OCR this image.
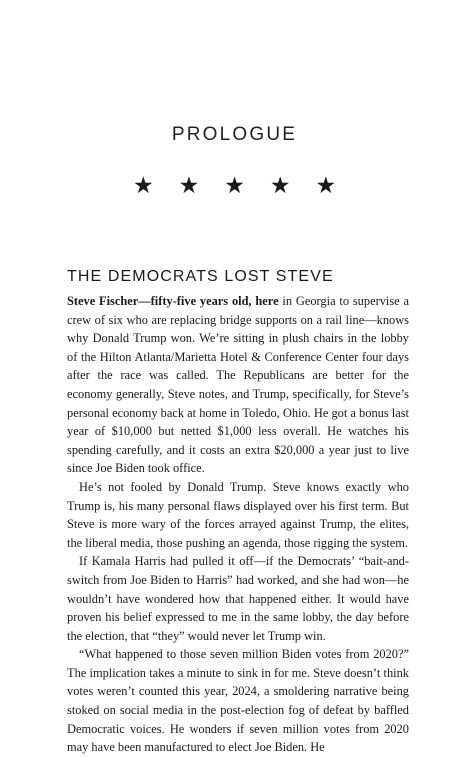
PROLOGUE
★ ★ ★ ★ ★
THE DEMOCRATS LOST STEVE

Steve Fischer—fifty-five years old, here in Georgia to supervise a crew of six who are replacing bridge supports on a rail line—knows why Donald Trump won. We’re sitting in plush chairs in the lobby of the Hilton Atlanta/Marietta Hotel & Conference Center four days after the race was called. The Republicans are better for the economy generally, Steve notes, and Trump, specifically, for Steve’s personal economy back at home in Toledo, Ohio. He got a bonus last year of $10,000 but netted $1,000 less overall. He watches his spending carefully, and it costs an extra $20,000 a year just to live since Joe Biden took office.

He’s not fooled by Donald Trump. Steve knows exactly who Trump is, his many personal flaws displayed over his first term. But Steve is more wary of the forces arrayed against Trump, the elites, the liberal media, those pushing an agenda, those rigging the system.

If Kamala Harris had pulled it off—if the Democrats’ “bait-and-switch from Joe Biden to Harris” had worked, and she had won—he wouldn’t have wondered how that happened either. It would have proven his belief expressed to me in the same lobby, the day before the election, that “they” would never let Trump win.

“What happened to those seven million Biden votes from 2020?” The implication takes a minute to sink in for me. Steve doesn’t think votes weren’t counted this year, 2024, a smoldering narrative being stoked on social media in the post-election fog of defeat by baffled Democratic voices. He wonders if seven million votes from 2020 may have been manufactured to elect Joe Biden. He
